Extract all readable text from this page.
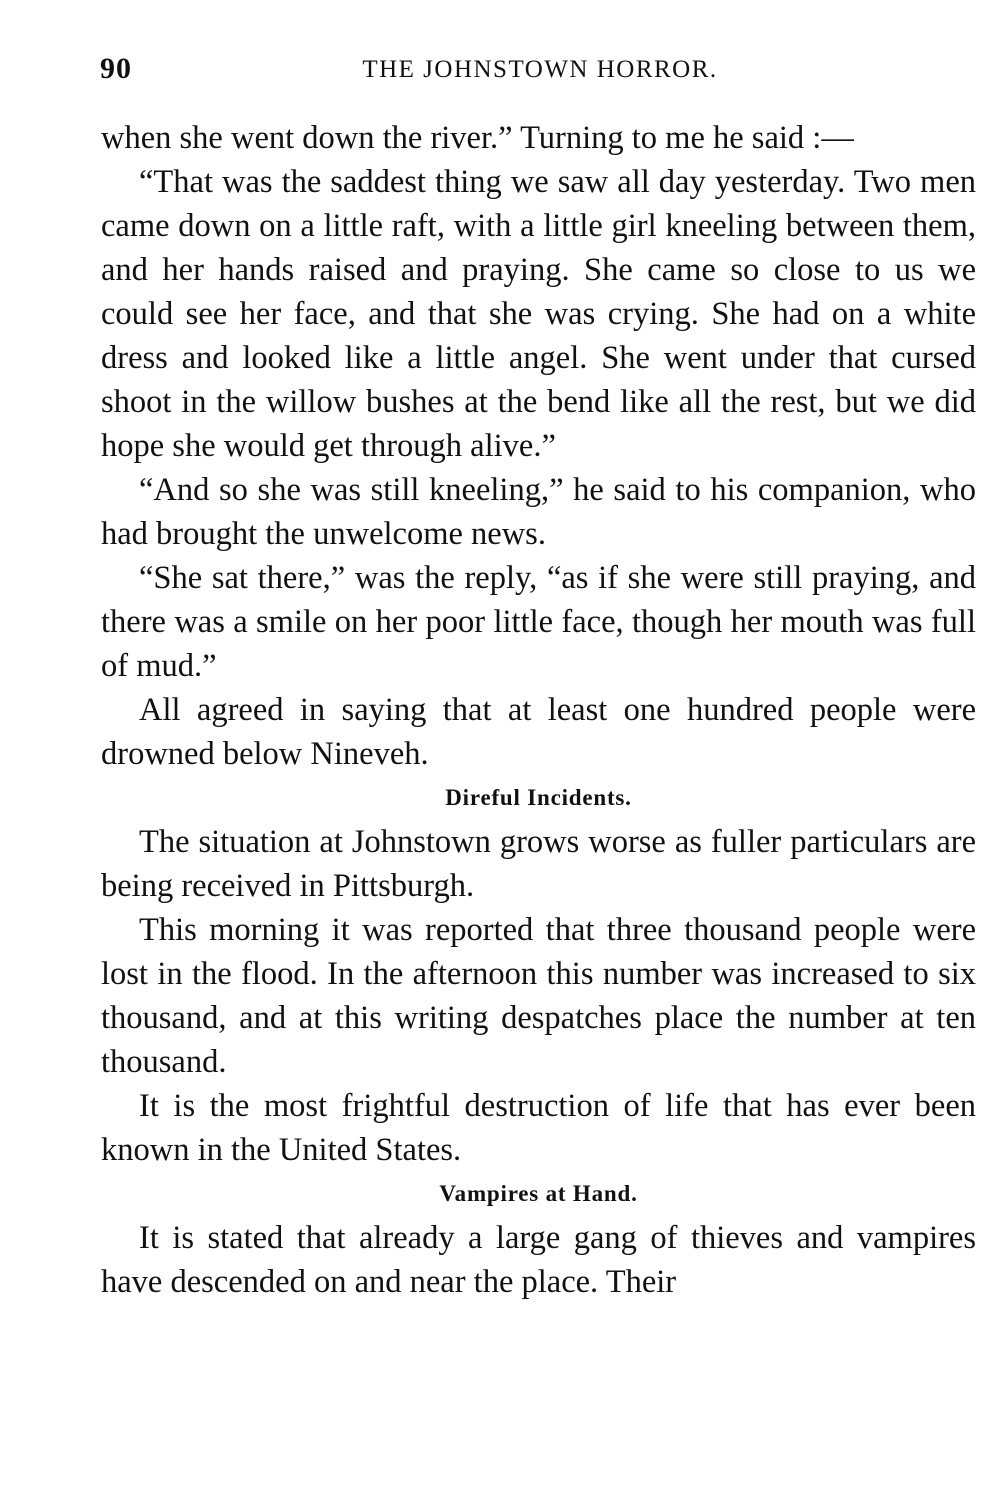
90	THE JOHNSTOWN HORROR.

when she went down the river.” Turning to me he said :—

“That was the saddest thing we saw all day yesterday. Two men came down on a little raft, with a little girl kneeling between them, and her hands raised and praying. She came so close to us we could see her face, and that she was crying. She had on a white dress and looked like a little angel. She went under that cursed shoot in the willow bushes at the bend like all the rest, but we did hope she would get through alive.”

“And so she was still kneeling,” he said to his companion, who had brought the unwelcome news.

“She sat there,” was the reply, “as if she were still praying, and there was a smile on her poor little face, though her mouth was full of mud.”

All agreed in saying that at least one hundred people were drowned below Nineveh.

Direful Incidents.

The situation at Johnstown grows worse as fuller particulars are being received in Pittsburgh.

This morning it was reported that three thousand people were lost in the flood. In the afternoon this number was increased to six thousand, and at this writing despatches place the number at ten thousand.

It is the most frightful destruction of life that has ever been known in the United States.

Vampires at Hand.

It is stated that already a large gang of thieves and vampires have descended on and near the place. Their
